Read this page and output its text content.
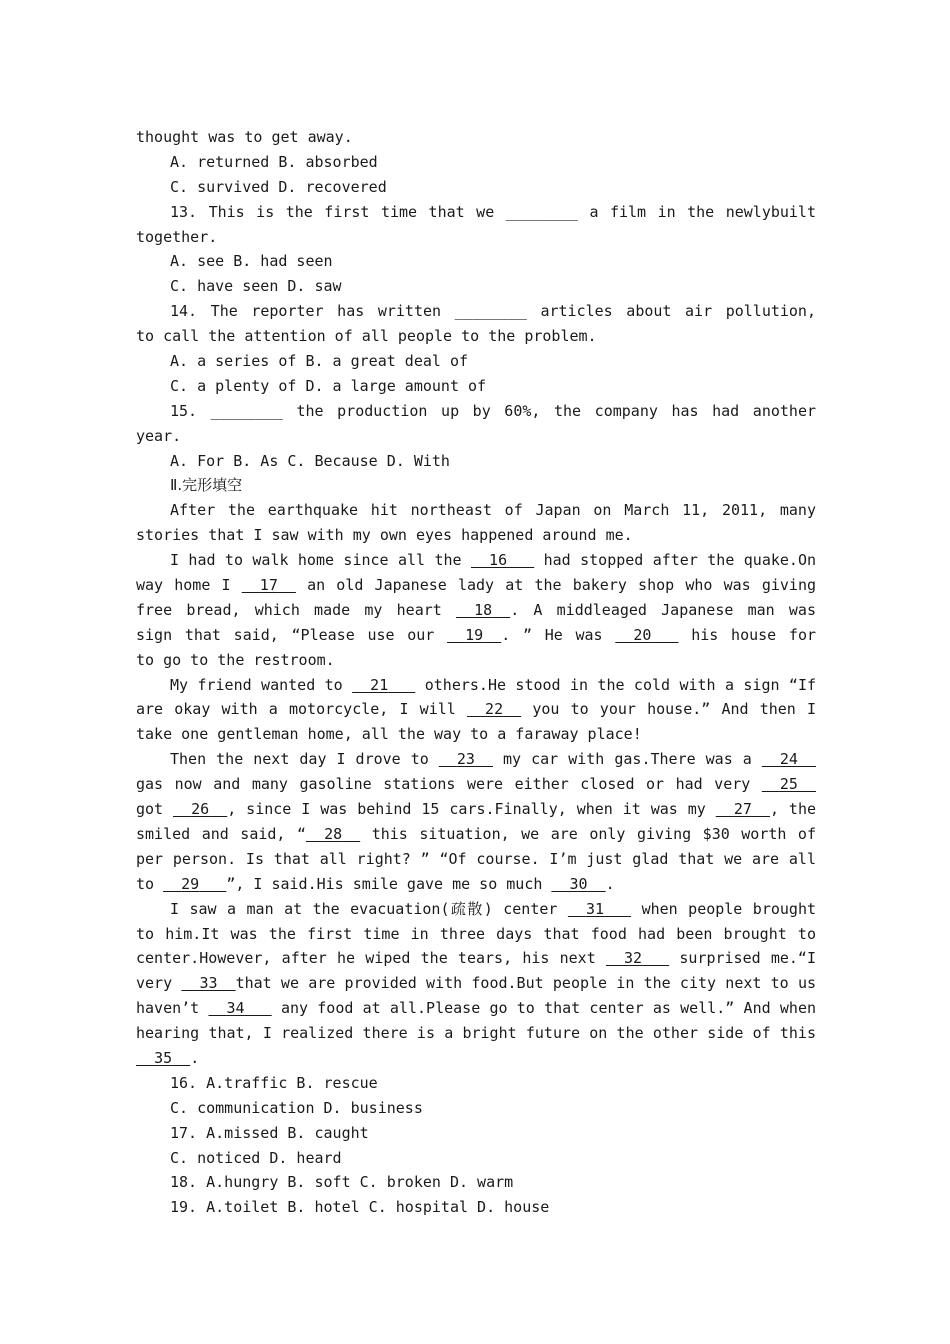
thought was to get away.
A. returned B. absorbed
C. survived D. recovered
13. This is the first time that we ________ a film in the newlybuilt
together.
A. see B. had seen
C. have seen D. saw
14. The reporter has written ________ articles about air pollution,
to call the attention of all people to the problem.
A. a series of B. a great deal of
C. a plenty of D. a large amount of
15. ________ the production up by 60%, the company has had another
year.
A. For B. As C. Because D. With
Ⅱ.完形填空
After the earthquake hit northeast of Japan on March 11, 2011, many
stories that I saw with my own eyes happened around me.
I had to walk home since all the 16 had stopped after the quake.On
way home I 17 an old Japanese lady at the bakery shop who was giving
free bread, which made my heart 18 . A middleaged Japanese man was
sign that said, “Please use our 19 . ” He was 20	his house for
to go to the restroom.
My friend wanted to 21 others.He stood in the cold with a sign “If
are okay with a motorcycle, I will 22 you to your house.” And then I
take one gentleman home, all the way to a faraway place!
Then the next day I drove to 23 my car with gas.There was a 24
gas now and many gasoline stations were either closed or had very 25
got 26 , since I was behind 15 cars.Finally, when it was my 27 , the
smiled and said, “ 28 this situation, we are only giving $30 worth of
per person. Is that all right? ” “Of course. I’m just glad that we are all
to 29 ”, I said.His smile gave me so much 30 .
I saw a man at the evacuation(疏散) center 31	when people brought
to him.It was the first time in three days that food had been brought to
center.However, after he wiped the tears, his next 32 surprised me.“I
very 33 that we are provided with food.But people in the city next to us
haven’t 34 any food at all.Please go to that center as well.” And when
hearing that, I realized there is a bright future on the other side of this
35 .
16. A.traffic B. rescue
C. communication D. business
17. A.missed B. caught
C. noticed D. heard
18. A.hungry B. soft C. broken D. warm
19. A.toilet B. hotel C. hospital D. house
